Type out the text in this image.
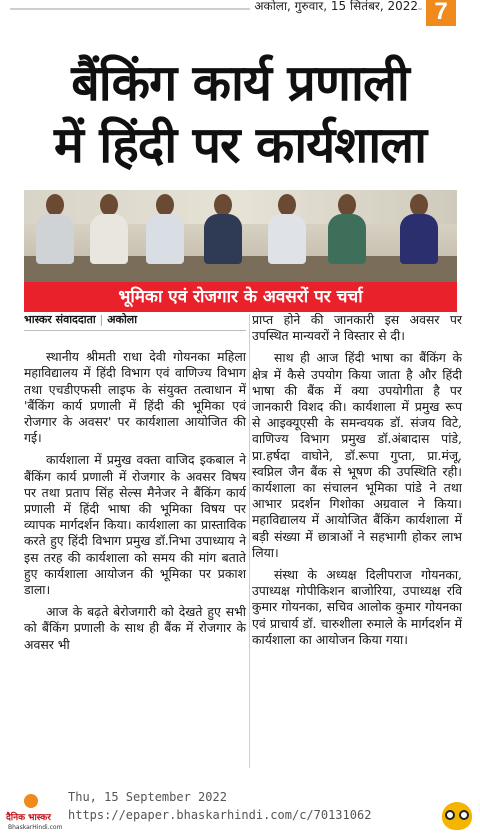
अकोला, गुरुवार, 15 सितंबर, 2022 7
बैंकिंग कार्य प्रणाली
में हिंदी पर कार्यशाला
भूमिका एवं रोजगार के अवसरों पर चर्चा
भास्कर संवाददाता | अकोला

स्थानीय श्रीमती राधा देवी गोयनका महिला महाविद्यालय में हिंदी विभाग एवं वाणिज्य विभाग तथा एचडीएफसी लाइफ के संयुक्त तत्वाधान में 'बैंकिंग कार्य प्रणाली में हिंदी की भूमिका एवं रोजगार के अवसर' पर कार्यशाला आयोजित की गई।

कार्यशाला में प्रमुख वक्ता वाजिद इकबाल ने बैंकिंग कार्य प्रणाली में रोजगार के अवसर विषय पर तथा प्रताप सिंह सेल्स मैनेजर ने बैंकिंग कार्य प्रणाली में हिंदी भाषा की भूमिका विषय पर व्यापक मार्गदर्शन किया। कार्यशाला का प्रास्ताविक करते हुए हिंदी विभाग प्रमुख डॉ.निभा उपाध्याय ने इस तरह की कार्यशाला को समय की मांग बताते हुए कार्यशाला आयोजन की भूमिका पर प्रकाश डाला।

आज के बढ़ते बेरोजगारी को देखते हुए सभी को बैंकिंग प्रणाली के साथ ही बैंक में रोजगार के अवसर भी

प्राप्त होने की जानकारी इस अवसर पर उपस्थित मान्यवरों ने विस्तार से दी।

साथ ही आज हिंदी भाषा का बैंकिंग के क्षेत्र में कैसे उपयोग किया जाता है और हिंदी भाषा की बैंक में क्या उपयोगीता है पर जानकारी विशद की। कार्यशाला में प्रमुख रूप से आइक्यूएसी के समन्वयक डॉ. संजय विटे, वाणिज्य विभाग प्रमुख डॉ.अंबादास पांडे, प्रा.हर्षदा वाघोने, डॉ.रूपा गुप्ता, प्रा.मंजू, स्वप्निल जैन बैंक से भूषण की उपस्थिति रही। कार्यशाला का संचालन भूमिका पांडे ने तथा आभार प्रदर्शन गिशोका अग्रवाल ने किया। महाविद्यालय में आयोजित बैंकिंग कार्यशाला में बड़ी संख्या में छात्राओं ने सहभागी होकर लाभ लिया।

संस्था के अध्यक्ष दिलीपराज गोयनका, उपाध्यक्ष गोपीकिशन बाजोरिया, उपाध्यक्ष रवि कुमार गोयनका, सचिव आलोक कुमार गोयनका एवं प्राचार्य डॉ. चारुशीला रुमाले के मार्गदर्शन में कार्यशाला का आयोजन किया गया।

दैनिक भास्कर
BhaskarHindi.com
Thu, 15 September 2022
https://epaper.bhaskarhindi.com/c/70131062
